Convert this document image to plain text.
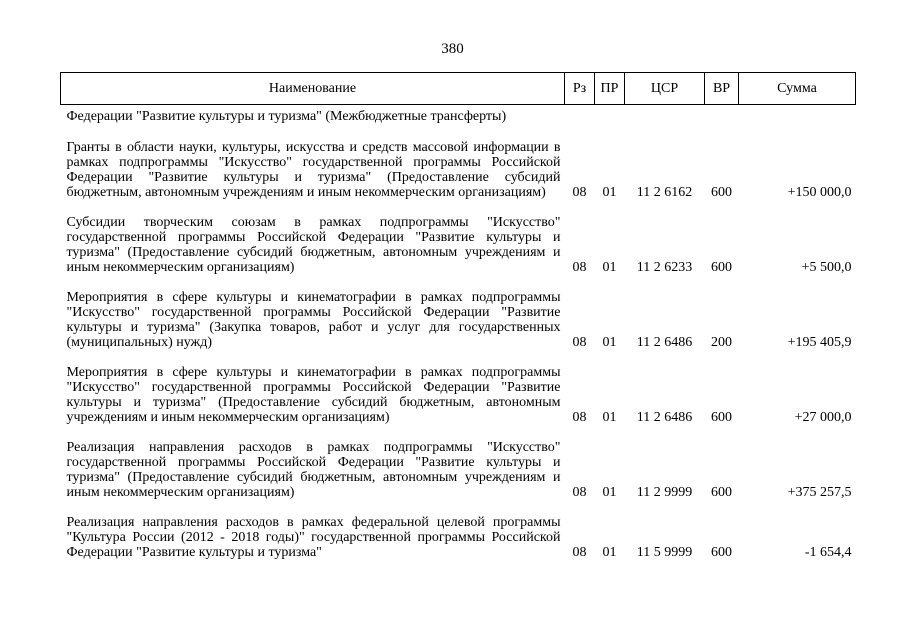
380
Наименование	Рз	ПР	ЦСР	ВР	Сумма
Федерации "Развитие культуры и туризма" (Межбюджетные трансферты)					
Гранты в области науки, культуры, искусства и средств массовой информации в рамках подпрограммы "Искусство" государственной программы Российской Федерации "Развитие культуры и туризма" (Предоставление субсидий бюджетным, автономным учреждениям и иным некоммерческим организациям)	08	01	11 2 6162	600	+150 000,0
Субсидии творческим союзам в рамках подпрограммы "Искусство" государственной программы Российской Федерации "Развитие культуры и туризма" (Предоставление субсидий бюджетным, автономным учреждениям и иным некоммерческим организациям)	08	01	11 2 6233	600	+5 500,0
Мероприятия в сфере культуры и кинематографии в рамках подпрограммы "Искусство" государственной программы Российской Федерации "Развитие культуры и туризма" (Закупка товаров, работ и услуг для государственных (муниципальных) нужд)	08	01	11 2 6486	200	+195 405,9
Мероприятия в сфере культуры и кинематографии в рамках подпрограммы "Искусство" государственной программы Российской Федерации "Развитие культуры и туризма" (Предоставление субсидий бюджетным, автономным учреждениям и иным некоммерческим организациям)	08	01	11 2 6486	600	+27 000,0
Реализация направления расходов в рамках подпрограммы "Искусство" государственной программы Российской Федерации "Развитие культуры и туризма" (Предоставление субсидий бюджетным, автономным учреждениям и иным некоммерческим организациям)	08	01	11 2 9999	600	+375 257,5
Реализация направления расходов в рамках федеральной целевой программы "Культура России (2012 - 2018 годы)" государственной программы Российской Федерации "Развитие культуры и туризма"	08	01	11 5 9999	600	-1 654,4
